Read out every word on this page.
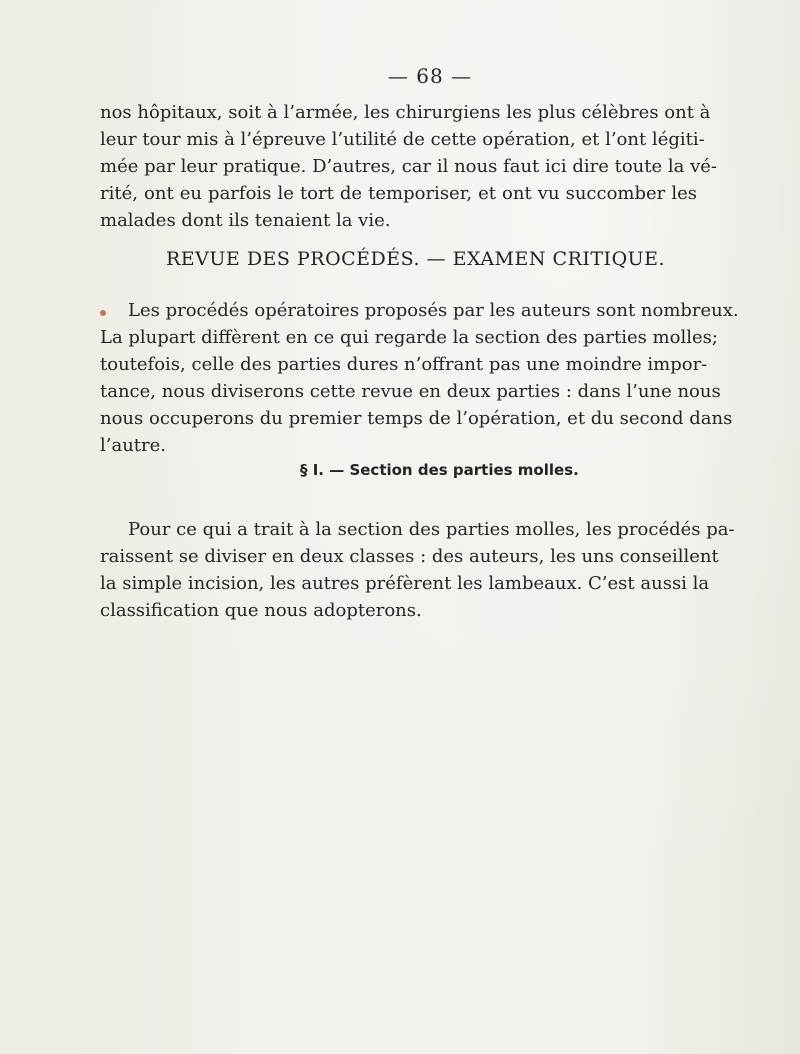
— 68 —

nos hôpitaux, soit à l’armée, les chirurgiens les plus célèbres ont à
leur tour mis à l’épreuve l’utilité de cette opération, et l’ont légiti-
mée par leur pratique. D’autres, car il nous faut ici dire toute la vé-
rité, ont eu parfois le tort de temporiser, et ont vu succomber les
malades dont ils tenaient la vie.
REVUE DES PROCÉDÉS. — EXAMEN CRITIQUE.
Les procédés opératoires proposés par les auteurs sont nombreux.
La plupart diffèrent en ce qui regarde la section des parties molles;
toutefois, celle des parties dures n’offrant pas une moindre impor-
tance, nous diviserons cette revue en deux parties : dans l’une nous
nous occuperons du premier temps de l’opération, et du second dans
l’autre.
§ I. — Section des parties molles.
Pour ce qui a trait à la section des parties molles, les procédés pa-
raissent se diviser en deux classes : des auteurs, les uns conseillent
la simple incision, les autres préfèrent les lambeaux. C’est aussi la
classification que nous adopterons.
